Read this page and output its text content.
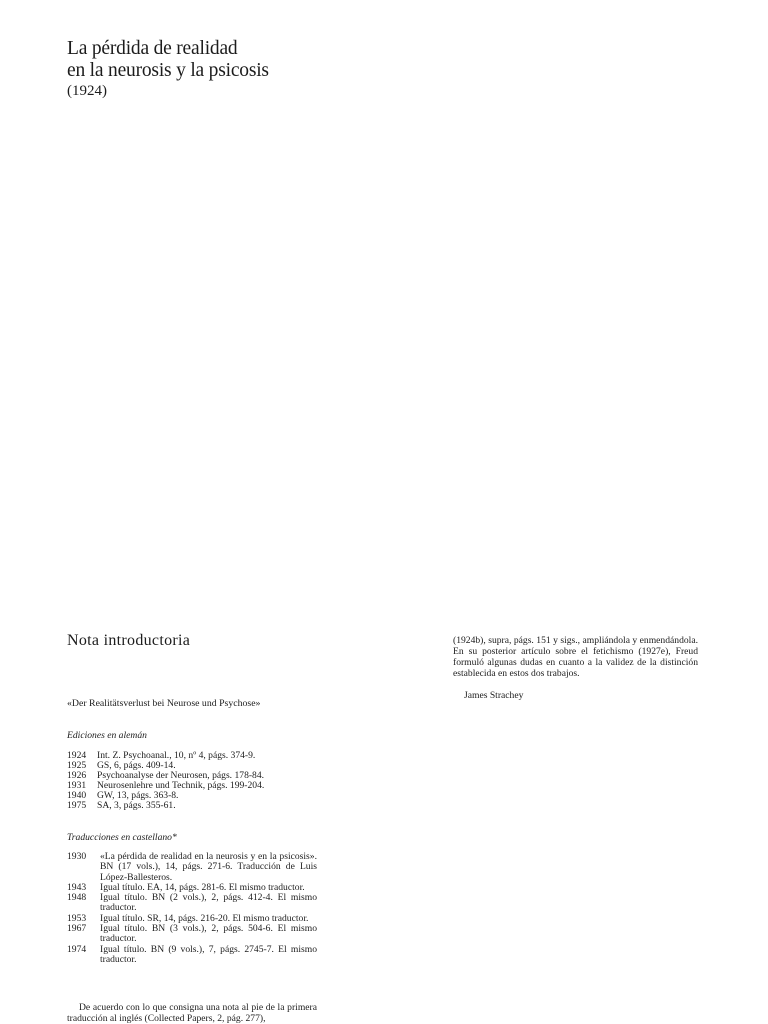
La pérdida de realidad
en la neurosis y la psicosis
(1924)
Nota introductoria	(1924b), supra, págs. 151 y sigs., ampliándola y enmendándola. En su posterior artículo sobre el fetichismo (1927e), Freud formuló algunas dudas en cuanto a la validez de la distinción establecida en estos dos trabajos.

James Strachey
«Der Realitätsverlust bei Neurose und Psychose»
Ediciones en alemán
1924	Int. Z. Psychoanal., 10, nº 4, págs. 374-9.
1925	GS, 6, págs. 409-14.
1926	Psychoanalyse der Neurosen, págs. 178-84.
1931	Neurosenlehre und Technik, págs. 199-204.
1940	GW, 13, págs. 363-8.
1975	SA, 3, págs. 355-61.
Traducciones en castellano*
1930	«La pérdida de realidad en la neurosis y en la psicosis». BN (17 vols.), 14, págs. 271-6. Traducción de Luis López-Ballesteros.
1943	Igual título. EA, 14, págs. 281-6. El mismo traductor.
1948	Igual título. BN (2 vols.), 2, págs. 412-4. El mismo traductor.
1953	Igual título. SR, 14, págs. 216-20. El mismo traductor.
1967	Igual título. BN (3 vols.), 2, págs. 504-6. El mismo traductor.
1974	Igual título. BN (9 vols.), 7, págs. 2745-7. El mismo traductor.
De acuerdo con lo que consigna una nota al pie de la primera traducción al inglés (Collected Papers, 2, pág. 277),
